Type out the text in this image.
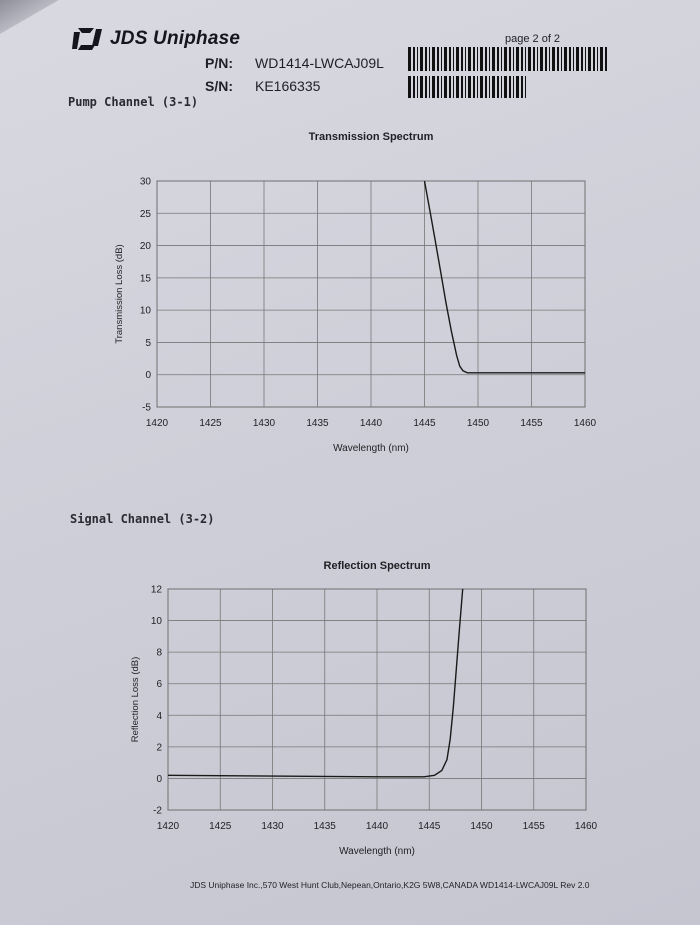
JDS Uniphase	page 2 of 2
P/N: WD1414-LWCAJ09L
S/N: KE166335
Pump Channel (3-1)
Transmission Spectrum
1420	1425	1430	1435	1440	1445	1450	1455	1460
-5
0
5
10
15
20
25
30
Wavelength (nm)
Transmission Loss (dB)
Signal Channel (3-2)
Reflection Spectrum
1420	1425	1430	1435	1440	1445	1450	1455	1460
-2
0
2
4
6
8
10
12
Wavelength (nm)
Reflection Loss (dB)
JDS Uniphase Inc.,570 West Hunt Club,Nepean,Ontario,K2G 5W8,CANADA WD1414-LWCAJ09L Rev 2.0
